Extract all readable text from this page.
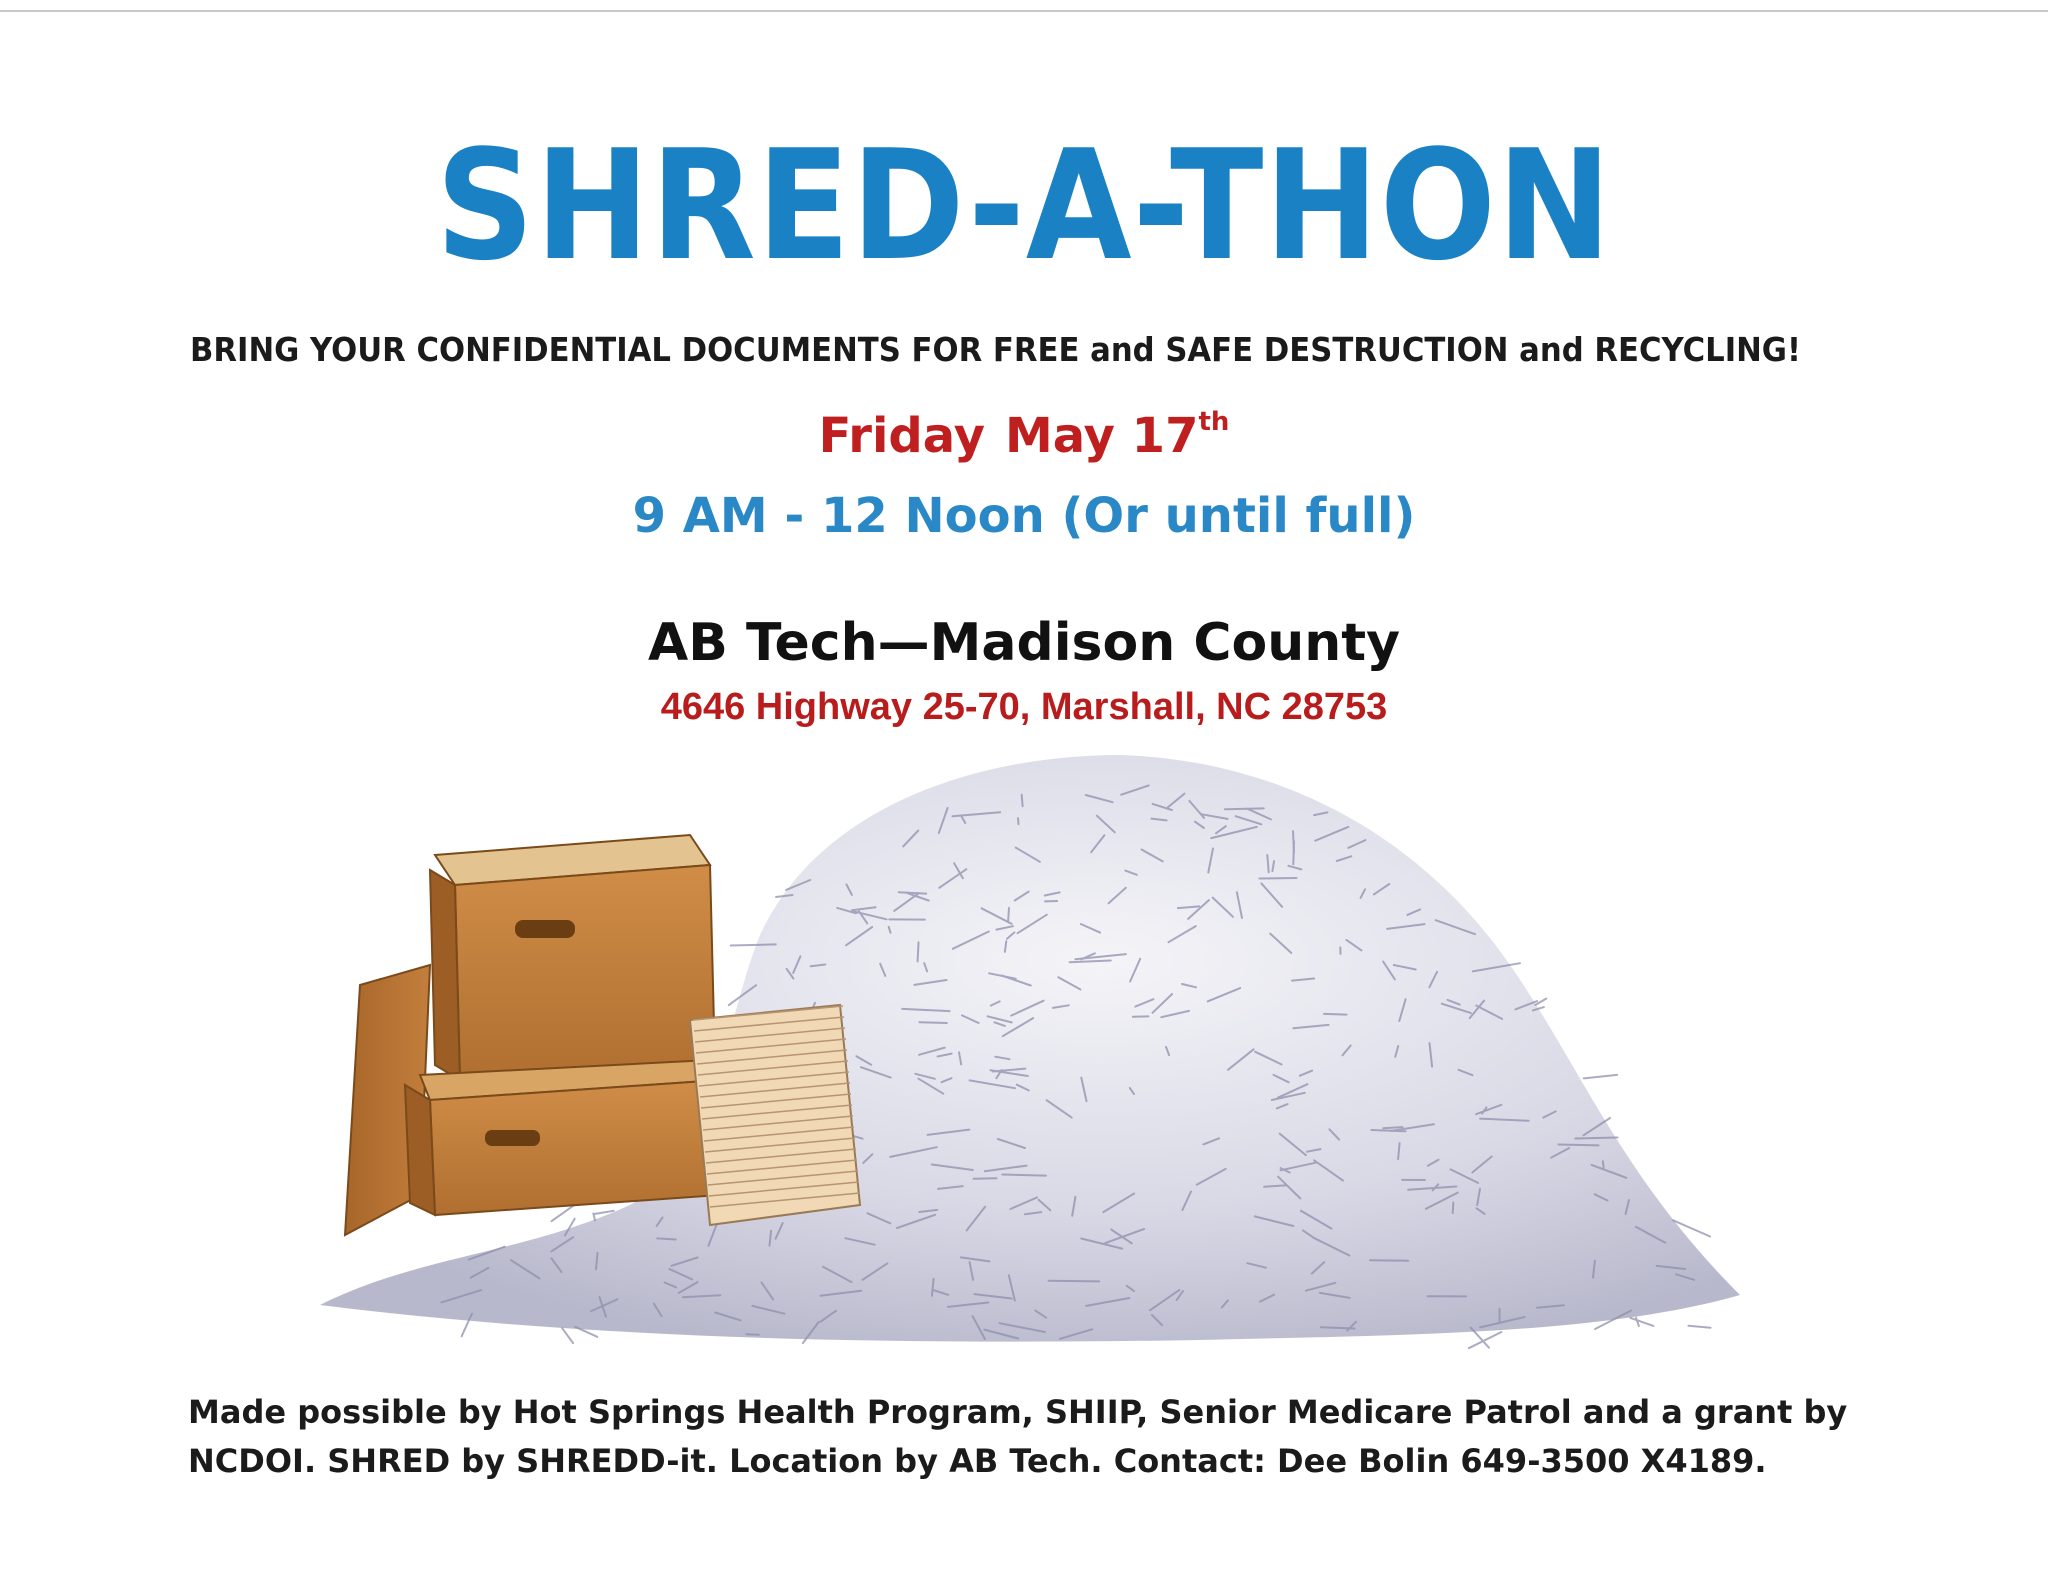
SHRED-A-THON
BRING YOUR CONFIDENTIAL DOCUMENTS FOR FREE and SAFE DESTRUCTION and RECYCLING!
Friday May 17th
9 AM - 12 Noon (Or until full)
AB Tech—Madison County
4646 Highway 25-70, Marshall, NC 28753
Made possible by Hot Springs Health Program, SHIIP, Senior Medicare Patrol and a grant by
NCDOI. SHRED by SHREDD-it. Location by AB Tech. Contact: Dee Bolin 649-3500 X4189.
